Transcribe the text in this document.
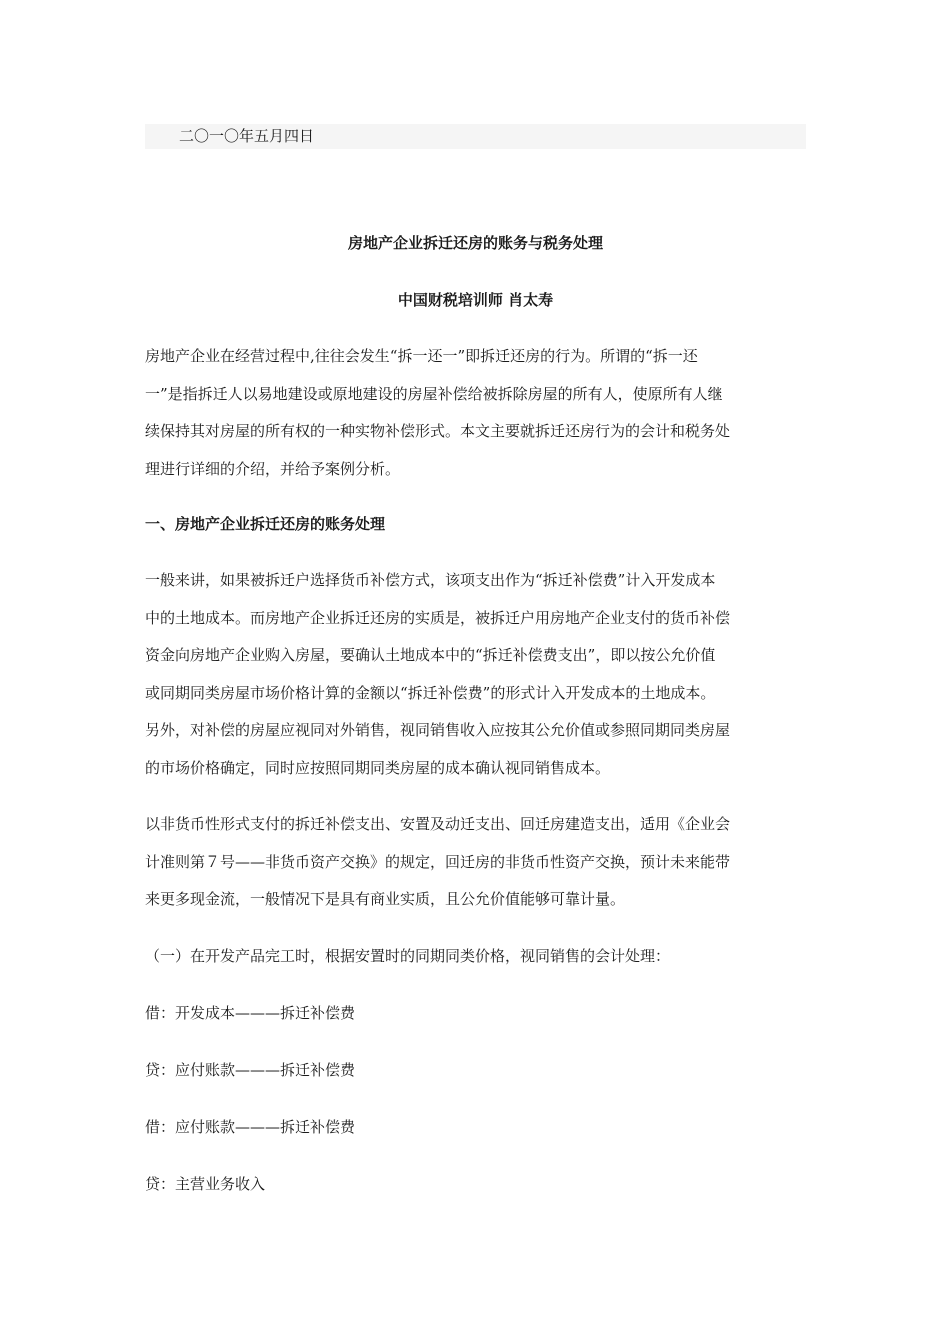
二〇一〇年五月四日
房地产企业拆迁还房的账务与税务处理
中国财税培训师 肖太寿

房地产企业在经营过程中,往往会发生“拆一还一”即拆迁还房的行为。所谓的“拆一还
一”是指拆迁人以易地建设或原地建设的房屋补偿给被拆除房屋的所有人，使原所有人继
续保持其对房屋的所有权的一种实物补偿形式。本文主要就拆迁还房行为的会计和税务处
理进行详细的介绍，并给予案例分析。

一、房地产企业拆迁还房的账务处理

一般来讲，如果被拆迁户选择货币补偿方式，该项支出作为“拆迁补偿费”计入开发成本
中的土地成本。而房地产企业拆迁还房的实质是，被拆迁户用房地产企业支付的货币补偿
资金向房地产企业购入房屋，要确认土地成本中的“拆迁补偿费支出”，即以按公允价值
或同期同类房屋市场价格计算的金额以“拆迁补偿费”的形式计入开发成本的土地成本。
另外，对补偿的房屋应视同对外销售，视同销售收入应按其公允价值或参照同期同类房屋
的市场价格确定，同时应按照同期同类房屋的成本确认视同销售成本。

以非货币性形式支付的拆迁补偿支出、安置及动迁支出、回迁房建造支出，适用《企业会
计准则第７号——非货币资产交换》的规定，回迁房的非货币性资产交换，预计未来能带
来更多现金流，一般情况下是具有商业实质，且公允价值能够可靠计量。

（一）在开发产品完工时，根据安置时的同期同类价格，视同销售的会计处理：

借：开发成本———拆迁补偿费

贷：应付账款———拆迁补偿费

借：应付账款———拆迁补偿费

贷：主营业务收入
